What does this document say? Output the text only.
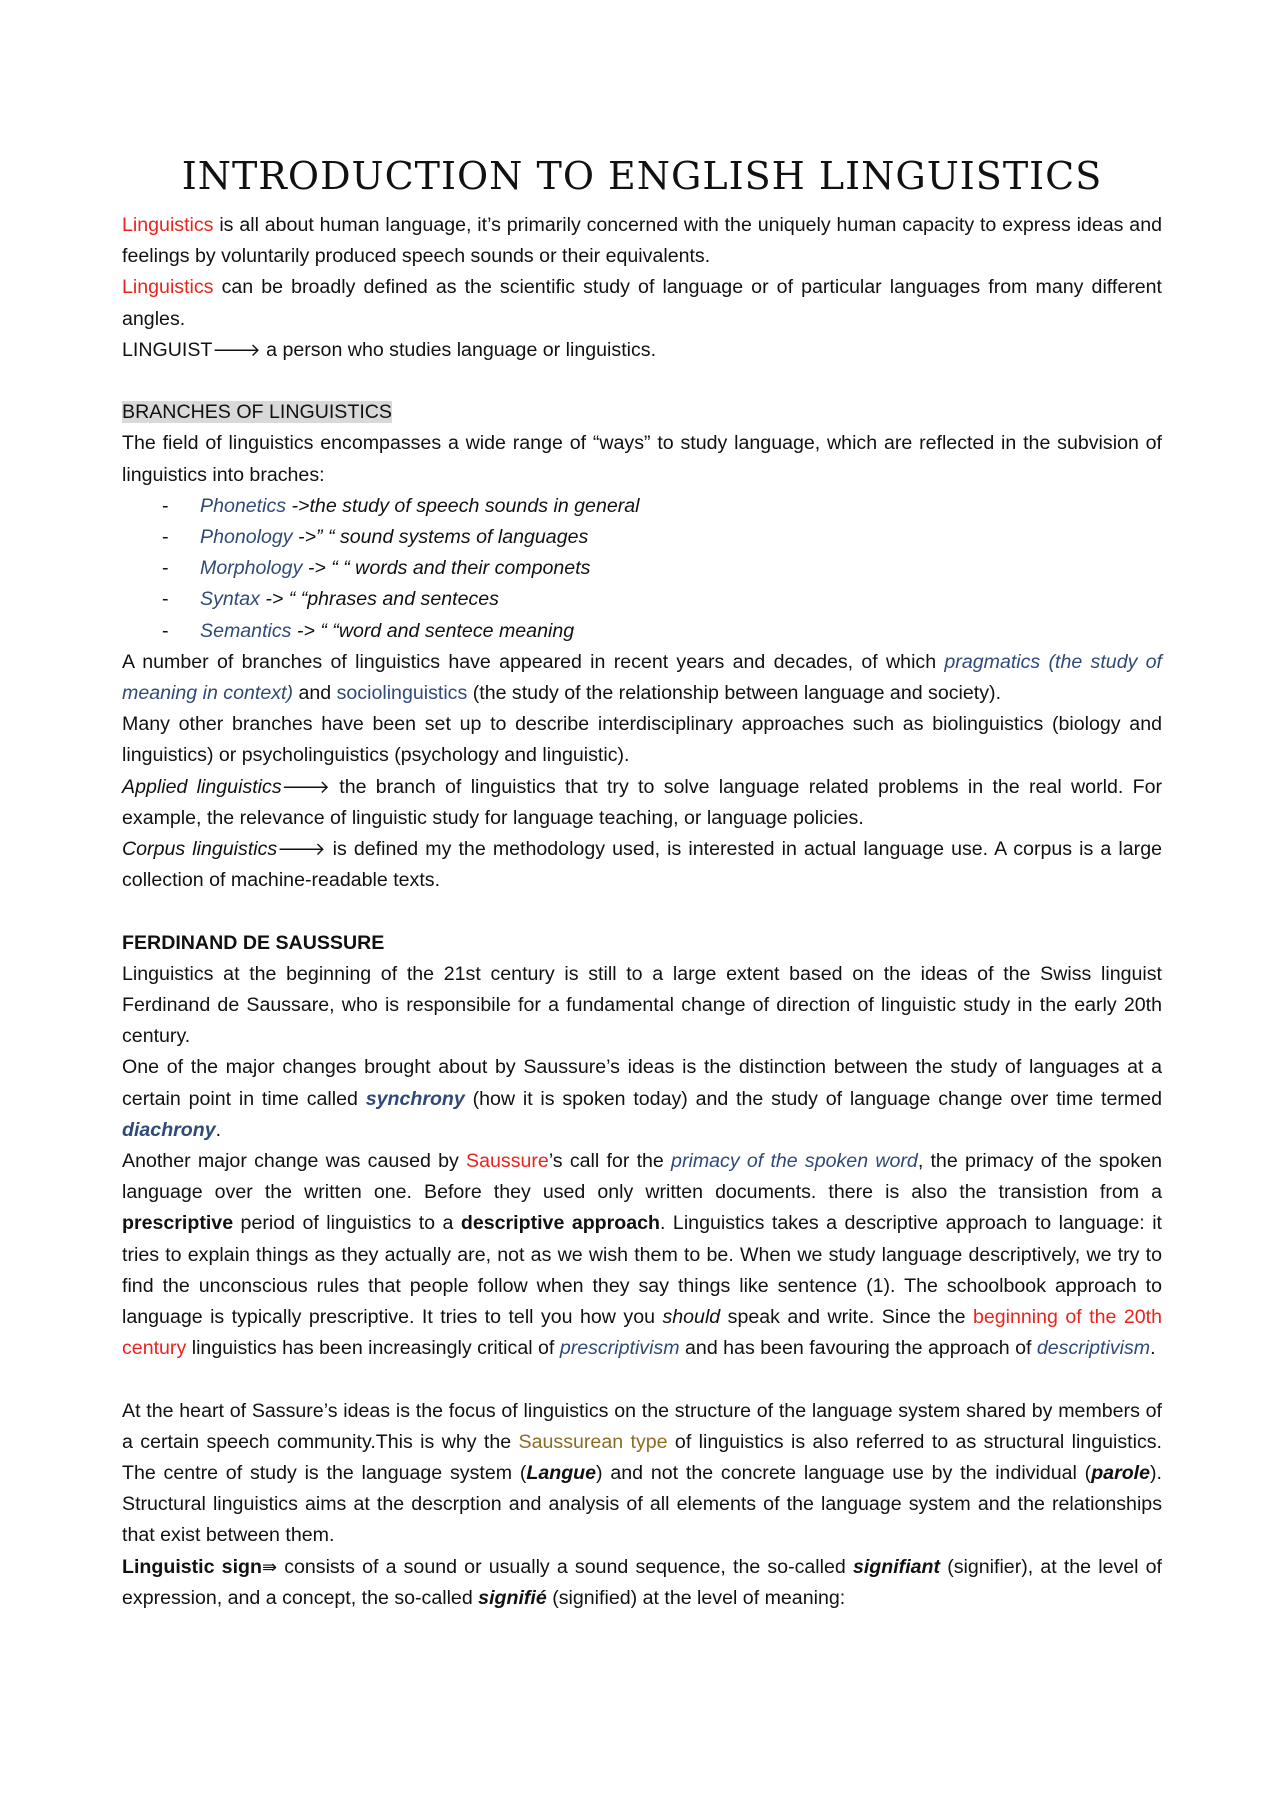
INTRODUCTION TO ENGLISH LINGUISTICS

Linguistics is all about human language, it’s primarily concerned with the uniquely human capacity to express ideas and feelings by voluntarily produced speech sounds or their equivalents.

Linguistics can be broadly defined as the scientific study of language or of particular languages from many different angles.

LINGUIST🡒 a person who studies language or linguistics.

BRANCHES OF LINGUISTICS

The field of linguistics encompasses a wide range of “ways” to study language, which are reflected in the subvision of linguistics into braches:

- Phonetics ->the study of speech sounds in general
- Phonology ->” “ sound systems of languages
- Morphology -> “ “ words and their componets
- Syntax -> “ “phrases and senteces
- Semantics -> “ “word and sentece meaning

A number of branches of linguistics have appeared in recent years and decades, of which pragmatics (the study of meaning in context) and sociolinguistics (the study of the relationship between language and society).

Many other branches have been set up to describe interdisciplinary approaches such as biolinguistics (biology and linguistics) or psycholinguistics (psychology and linguistic).

Applied linguistics🡒 the branch of linguistics that try to solve language related problems in the real world. For example, the relevance of linguistic study for language teaching, or language policies.

Corpus linguistics🡒 is defined my the methodology used, is interested in actual language use. A corpus is a large collection of machine-readable texts.

FERDINAND DE SAUSSURE

Linguistics at the beginning of the 21st century is still to a large extent based on the ideas of the Swiss linguist Ferdinand de Saussare, who is responsibile for a fundamental change of direction of linguistic study in the early 20th century.

One of the major changes brought about by Saussure’s ideas is the distinction between the study of languages at a certain point in time called synchrony (how it is spoken today) and the study of language change over time termed diachrony.

Another major change was caused by Saussure’s call for the primacy of the spoken word, the primacy of the spoken language over the written one. Before they used only written documents. there is also the transistion from a prescriptive period of linguistics to a descriptive approach. Linguistics takes a descriptive approach to language: it tries to explain things as they actually are, not as we wish them to be. When we study language descriptively, we try to find the unconscious rules that people follow when they say things like sentence (1). The schoolbook approach to language is typically prescriptive. It tries to tell you how you should speak and write. Since the beginning of the 20th century linguistics has been increasingly critical of prescriptivism and has been favouring the approach of descriptivism.

At the heart of Sassure’s ideas is the focus of linguistics on the structure of the language system shared by members of a certain speech community.This is why the Saussurean type of linguistics is also referred to as structural linguistics. The centre of study is the language system (Langue) and not the concrete language use by the individual (parole). Structural linguistics aims at the descrption and analysis of all elements of the language system and the relationships that exist between them.

Linguistic sign⇛ consists of a sound or usually a sound sequence, the so-called signifiant (signifier), at the level of expression, and a concept, the so-called signifié (signified) at the level of meaning:
